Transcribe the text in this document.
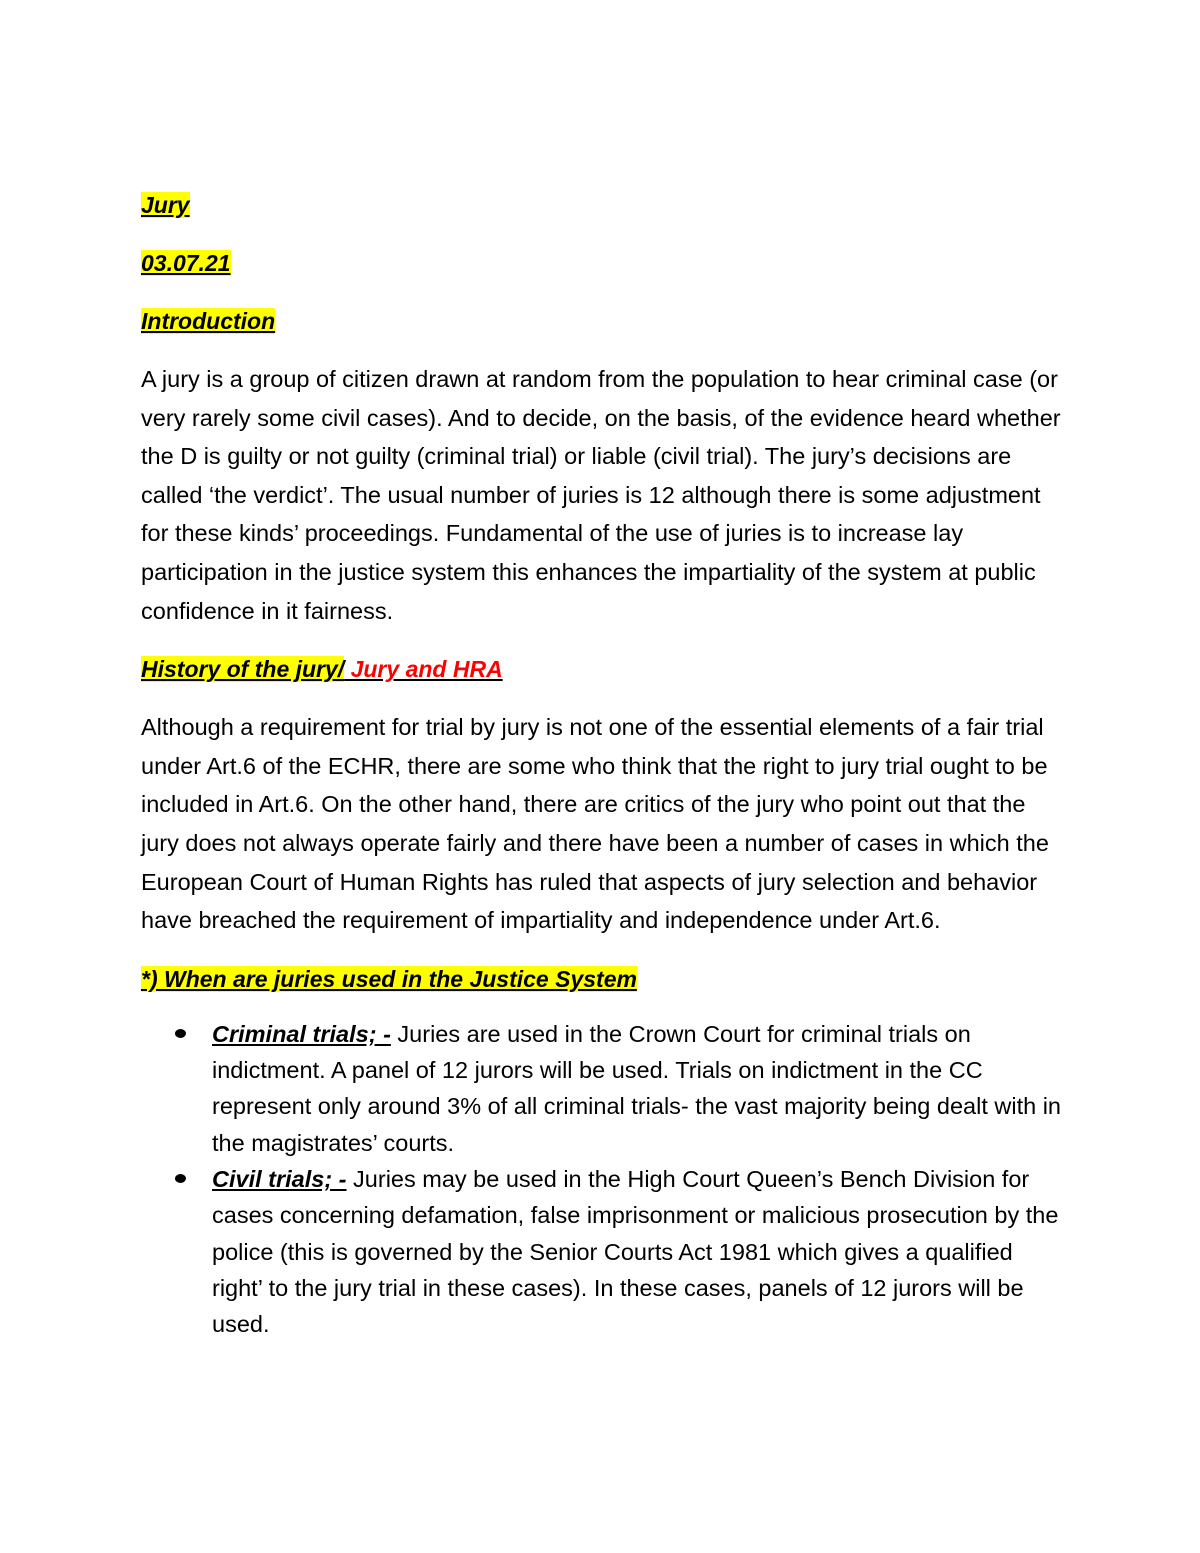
Jury

03.07.21

Introduction

A jury is a group of citizen drawn at random from the population to hear criminal case (or very rarely some civil cases). And to decide, on the basis, of the evidence heard whether the D is guilty or not guilty (criminal trial) or liable (civil trial). The jury’s decisions are called ‘the verdict’. The usual number of juries is 12 although there is some adjustment for these kinds’ proceedings. Fundamental of the use of juries is to increase lay participation in the justice system this enhances the impartiality of the system at public confidence in it fairness.

History of the jury/ Jury and HRA

Although a requirement for trial by jury is not one of the essential elements of a fair trial under Art.6 of the ECHR, there are some who think that the right to jury trial ought to be included in Art.6. On the other hand, there are critics of the jury who point out that the jury does not always operate fairly and there have been a number of cases in which the European Court of Human Rights has ruled that aspects of jury selection and behavior have breached the requirement of impartiality and independence under Art.6.

*) When are juries used in the Justice System

Criminal trials; - Juries are used in the Crown Court for criminal trials on indictment. A panel of 12 jurors will be used. Trials on indictment in the CC represent only around 3% of all criminal trials- the vast majority being dealt with in the magistrates’ courts.
Civil trials; - Juries may be used in the High Court Queen’s Bench Division for cases concerning defamation, false imprisonment or malicious prosecution by the police (this is governed by the Senior Courts Act 1981 which gives a qualified right’ to the jury trial in these cases). In these cases, panels of 12 jurors will be used.
